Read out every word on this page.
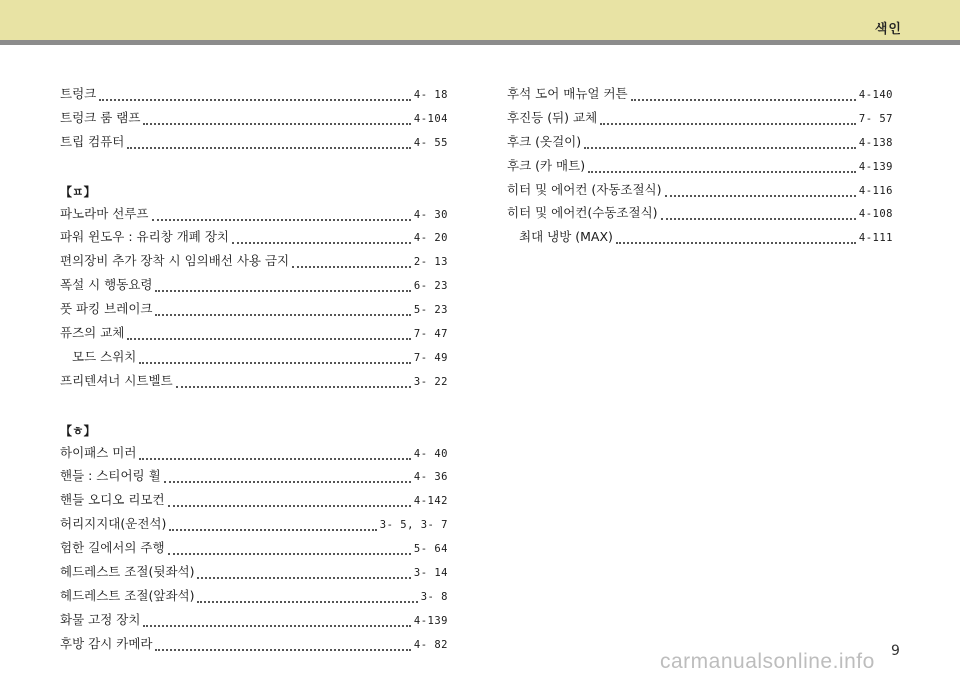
색인
트렁크	4- 18
트렁크 룸 램프	4-104
트립 컴퓨터	4- 55
【ㅍ】
파노라마 선루프	4- 30
파워 윈도우 : 유리창 개폐 장치	4- 20
편의장비 추가 장착 시 임의배선 사용 금지	2- 13
폭설 시 행동요령	6- 23
풋 파킹 브레이크	5- 23
퓨즈의 교체	7- 47
모드 스위치	7- 49
프리텐셔너 시트벨트	3- 22
【ㅎ】
하이패스 미러	4- 40
핸들 : 스티어링 휠	4- 36
핸들 오디오 리모컨	4-142
허리지지대(운전석)	3- 5, 3- 7
험한 길에서의 주행	5- 64
헤드레스트 조절(뒷좌석)	3- 14
헤드레스트 조절(앞좌석)	3- 8
화물 고정 장치	4-139
후방 감시 카메라	4- 82
후석 도어 매뉴얼 커튼	4-140
후진등 (뒤) 교체	7- 57
후크 (옷걸이)	4-138
후크 (카 매트)	4-139
히터 및 에어컨 (자동조절식)	4-116
히터 및 에어컨(수동조절식)	4-108
최대 냉방 (MAX)	4-111
9
carmanualsonline.info
